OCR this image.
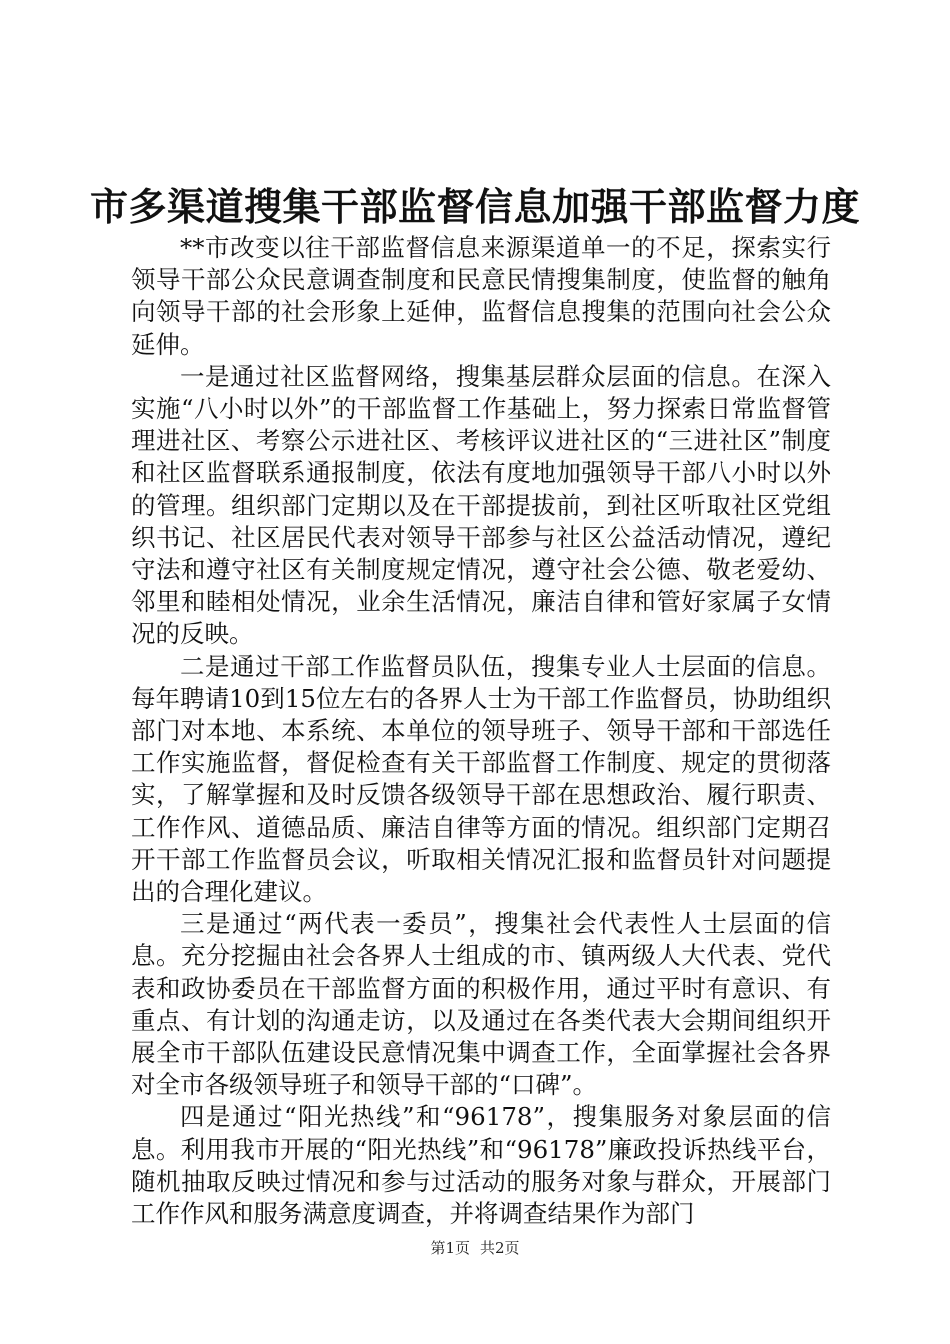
市多渠道搜集干部监督信息加强干部监督力度

**市改变以往干部监督信息来源渠道单一的不足，探索实行领导干部公众民意调查制度和民意民情搜集制度，使监督的触角向领导干部的社会形象上延伸，监督信息搜集的范围向社会公众延伸。

一是通过社区监督网络，搜集基层群众层面的信息。在深入实施“八小时以外”的干部监督工作基础上，努力探索日常监督管理进社区、考察公示进社区、考核评议进社区的“三进社区”制度和社区监督联系通报制度，依法有度地加强领导干部八小时以外的管理。组织部门定期以及在干部提拔前，到社区听取社区党组织书记、社区居民代表对领导干部参与社区公益活动情况，遵纪守法和遵守社区有关制度规定情况，遵守社会公德、敬老爱幼、邻里和睦相处情况，业余生活情况，廉洁自律和管好家属子女情况的反映。

二是通过干部工作监督员队伍，搜集专业人士层面的信息。每年聘请10到15位左右的各界人士为干部工作监督员，协助组织部门对本地、本系统、本单位的领导班子、领导干部和干部选任工作实施监督，督促检查有关干部监督工作制度、规定的贯彻落实，了解掌握和及时反馈各级领导干部在思想政治、履行职责、工作作风、道德品质、廉洁自律等方面的情况。组织部门定期召开干部工作监督员会议，听取相关情况汇报和监督员针对问题提出的合理化建议。

三是通过“两代表一委员”，搜集社会代表性人士层面的信息。充分挖掘由社会各界人士组成的市、镇两级人大代表、党代表和政协委员在干部监督方面的积极作用，通过平时有意识、有重点、有计划的沟通走访，以及通过在各类代表大会期间组织开展全市干部队伍建设民意情况集中调查工作，全面掌握社会各界对全市各级领导班子和领导干部的“口碑”。

四是通过“阳光热线”和“96178”，搜集服务对象层面的信息。利用我市开展的“阳光热线”和“96178”廉政投诉热线平台，随机抽取反映过情况和参与过活动的服务对象与群众，开展部门工作作风和服务满意度调查，并将调查结果作为部门

第1页 共2页
